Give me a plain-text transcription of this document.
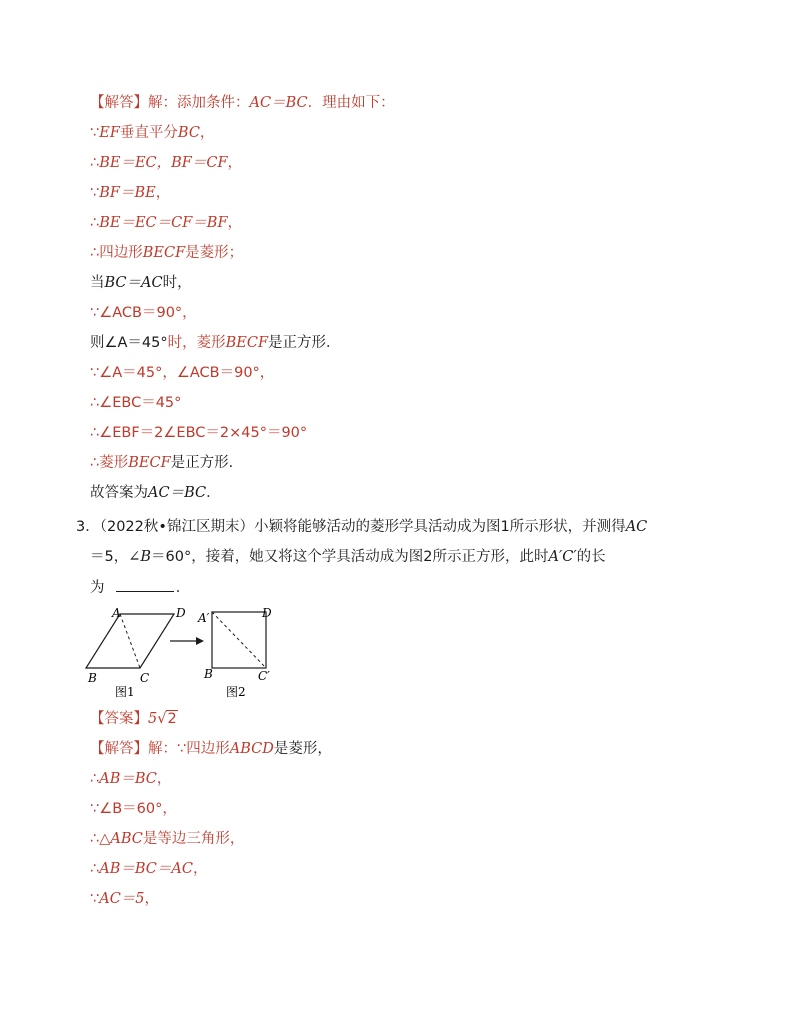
【解答】解：添加条件：AC＝BC．理由如下：
∵EF垂直平分BC，
∴BE＝EC，BF＝CF，
∵BF＝BE，
∴BE＝EC＝CF＝BF，
∴四边形BECF是菱形；
当BC＝AC时，
∵∠ACB＝90°，
则∠A＝45°时，菱形BECF是正方形．
∵∠A＝45°，∠ACB＝90°，
∴∠EBC＝45°
∴∠EBF＝2∠EBC＝2×45°＝90°
∴菱形BECF是正方形．
故答案为AC＝BC．
3．（2022秋•锦江区期末）小颖将能够活动的菱形学具活动成为图1所示形状，并测得AC
＝5，∠B＝60°，接着，她又将这个学具活动成为图2所示正方形，此时A′C′的长
为	．
A	D
B	C
A′	D
B	C′
图1	图2
【答案】5√2
【解答】解：∵四边形ABCD是菱形，
∴AB＝BC，
∵∠B＝60°，
∴△ABC是等边三角形，
∴AB＝BC＝AC，
∵AC＝5，
